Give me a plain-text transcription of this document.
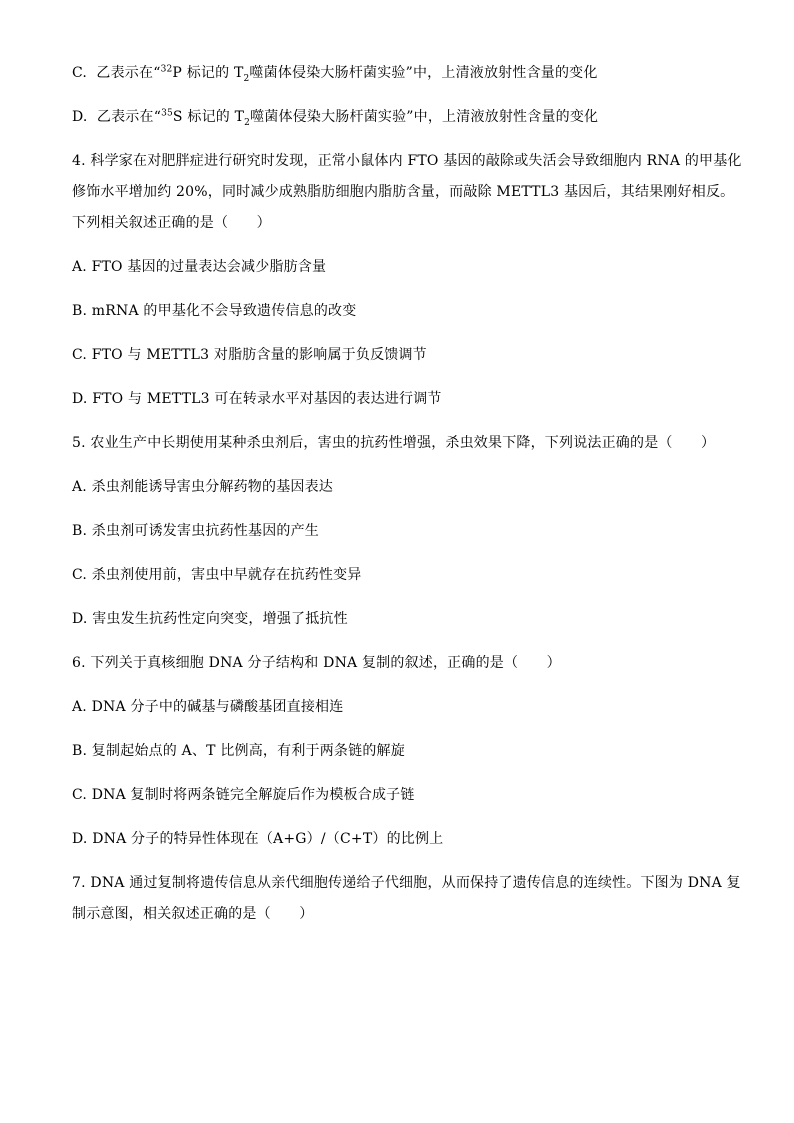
C. 乙表示在“$^{32}$P 标记的 $T_2$噬菌体侵染大肠杆菌实验”中，上清液放射性含量的变化
D. 乙表示在“$^{35}$S 标记的 $T_2$噬菌体侵染大肠杆菌实验”中，上清液放射性含量的变化
4. 科学家在对肥胖症进行研究时发现，正常小鼠体内 FTO 基因的敲除或失活会导致细胞内 RNA 的甲基化
修饰水平增加约 20%，同时减少成熟脂肪细胞内脂肪含量，而敲除 METTL3 基因后，其结果刚好相反。
下列相关叙述正确的是（　　）
A. FTO 基因的过量表达会减少脂肪含量
B. mRNA 的甲基化不会导致遗传信息的改变
C. FTO 与 METTL3 对脂肪含量的影响属于负反馈调节
D. FTO 与 METTL3 可在转录水平对基因的表达进行调节
5. 农业生产中长期使用某种杀虫剂后，害虫的抗药性增强，杀虫效果下降，下列说法正确的是（　　）
A. 杀虫剂能诱导害虫分解药物的基因表达
B. 杀虫剂可诱发害虫抗药性基因的产生
C. 杀虫剂使用前，害虫中早就存在抗药性变异
D. 害虫发生抗药性定向突变，增强了抵抗性
6. 下列关于真核细胞 DNA 分子结构和 DNA 复制的叙述，正确的是（　　）
A. DNA 分子中的碱基与磷酸基团直接相连
B. 复制起始点的 A、T 比例高，有利于两条链的解旋
C. DNA 复制时将两条链完全解旋后作为模板合成子链
D. DNA 分子的特异性体现在（A+G）/（C+T）的比例上
7. DNA 通过复制将遗传信息从亲代细胞传递给子代细胞，从而保持了遗传信息的连续性。下图为 DNA 复
制示意图，相关叙述正确的是（　　）
